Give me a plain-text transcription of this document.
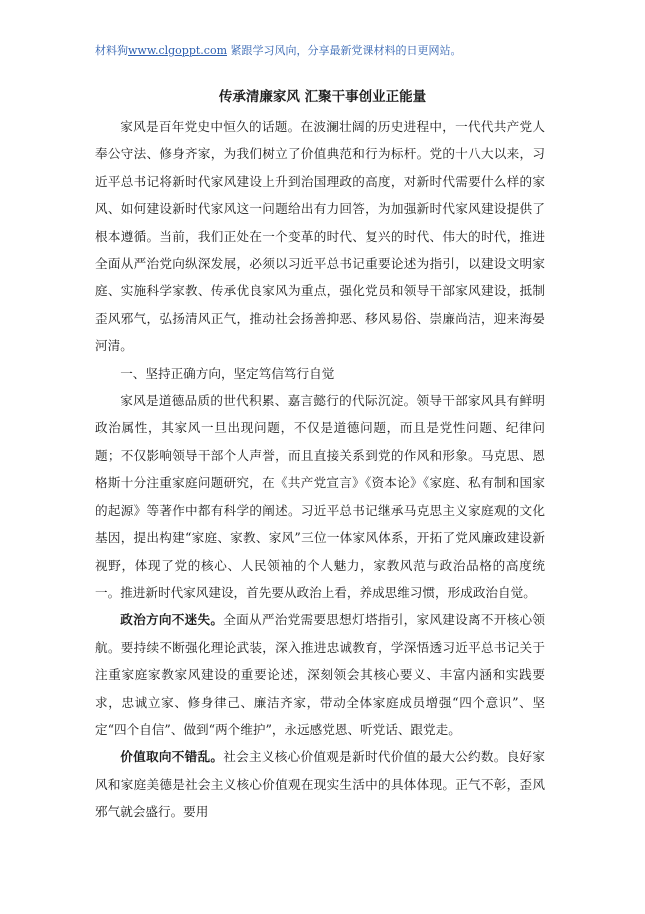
材料狗www.clgoppt.com 紧跟学习风向，分享最新党课材料的日更网站。
传承清廉家风 汇聚干事创业正能量

家风是百年党史中恒久的话题。在波澜壮阔的历史进程中，一代代共产党人奉公守法、修身齐家，为我们树立了价值典范和行为标杆。党的十八大以来，习近平总书记将新时代家风建设上升到治国理政的高度，对新时代需要什么样的家风、如何建设新时代家风这一问题给出有力回答，为加强新时代家风建设提供了根本遵循。当前，我们正处在一个变革的时代、复兴的时代、伟大的时代，推进全面从严治党向纵深发展，必须以习近平总书记重要论述为指引，以建设文明家庭、实施科学家教、传承优良家风为重点，强化党员和领导干部家风建设，抵制歪风邪气，弘扬清风正气，推动社会扬善抑恶、移风易俗、崇廉尚洁，迎来海晏河清。

一、坚持正确方向，坚定笃信笃行自觉

家风是道德品质的世代积累、嘉言懿行的代际沉淀。领导干部家风具有鲜明政治属性，其家风一旦出现问题，不仅是道德问题，而且是党性问题、纪律问题；不仅影响领导干部个人声誉，而且直接关系到党的作风和形象。马克思、恩格斯十分注重家庭问题研究，在《共产党宣言》《资本论》《家庭、私有制和国家的起源》等著作中都有科学的阐述。习近平总书记继承马克思主义家庭观的文化基因，提出构建“家庭、家教、家风”三位一体家风体系，开拓了党风廉政建设新视野，体现了党的核心、人民领袖的个人魅力，家教风范与政治品格的高度统一。推进新时代家风建设，首先要从政治上看，养成思维习惯，形成政治自觉。

政治方向不迷失。全面从严治党需要思想灯塔指引，家风建设离不开核心领航。要持续不断强化理论武装，深入推进忠诚教育，学深悟透习近平总书记关于注重家庭家教家风建设的重要论述，深刻领会其核心要义、丰富内涵和实践要求，忠诚立家、修身律己、廉洁齐家，带动全体家庭成员增强“四个意识”、坚定“四个自信”、做到“两个维护”，永远感党恩、听党话、跟党走。

价值取向不错乱。社会主义核心价值观是新时代价值的最大公约数。良好家风和家庭美德是社会主义核心价值观在现实生活中的具体体现。正气不彰，歪风邪气就会盛行。要用
